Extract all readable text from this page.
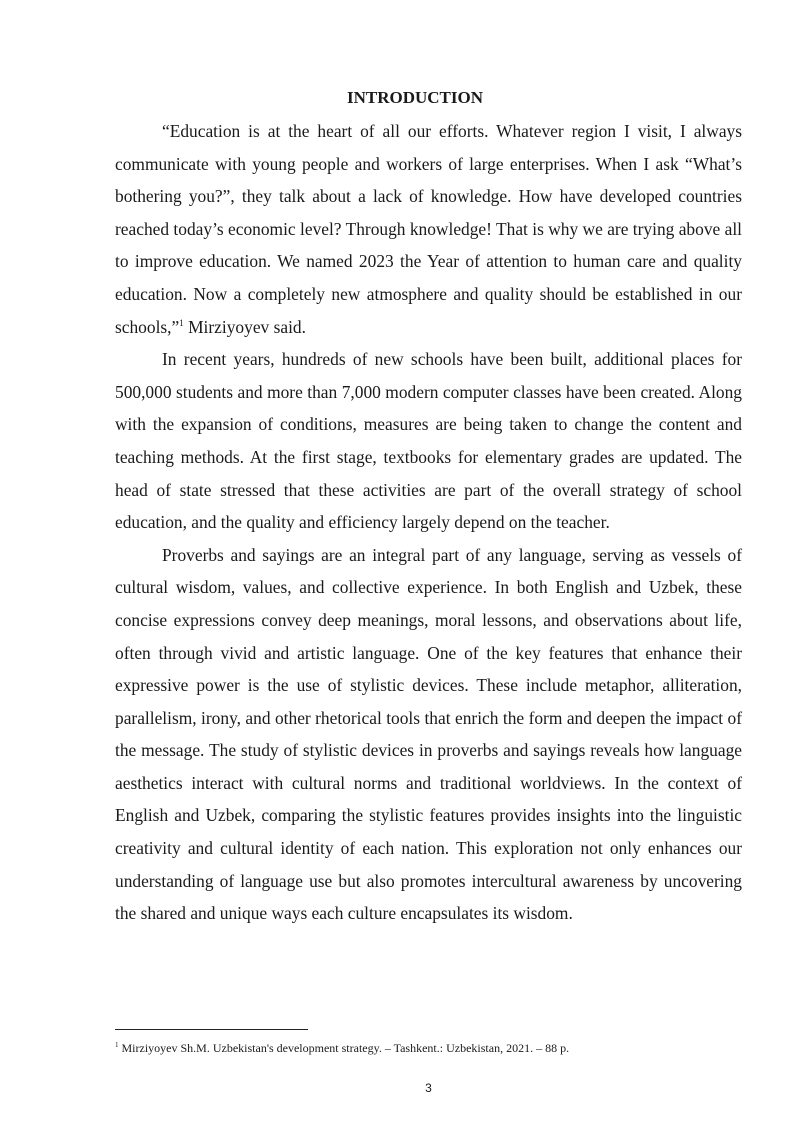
INTRODUCTION

“Education is at the heart of all our efforts. Whatever region I visit, I always communicate with young people and workers of large enterprises. When I ask “What’s bothering you?”, they talk about a lack of knowledge. How have developed countries reached today’s economic level? Through knowledge! That is why we are trying above all to improve education. We named 2023 the Year of attention to human care and quality education. Now a completely new atmosphere and quality should be established in our schools,”$^1$ Mirziyoyev said.

In recent years, hundreds of new schools have been built, additional places for 500,000 students and more than 7,000 modern computer classes have been created. Along with the expansion of conditions, measures are being taken to change the content and teaching methods. At the first stage, textbooks for elementary grades are updated. The head of state stressed that these activities are part of the overall strategy of school education, and the quality and efficiency largely depend on the teacher.

Proverbs and sayings are an integral part of any language, serving as vessels of cultural wisdom, values, and collective experience. In both English and Uzbek, these concise expressions convey deep meanings, moral lessons, and observations about life, often through vivid and artistic language. One of the key features that enhance their expressive power is the use of stylistic devices. These include metaphor, alliteration, parallelism, irony, and other rhetorical tools that enrich the form and deepen the impact of the message. The study of stylistic devices in proverbs and sayings reveals how language aesthetics interact with cultural norms and traditional worldviews. In the context of English and Uzbek, comparing the stylistic features provides insights into the linguistic creativity and cultural identity of each nation. This exploration not only enhances our understanding of language use but also promotes intercultural awareness by uncovering the shared and unique ways each culture encapsulates its wisdom.

$^1$ Mirziyoyev Sh.M. Uzbekistan's development strategy. – Tashkent.: Uzbekistan, 2021. – 88 p.

3
